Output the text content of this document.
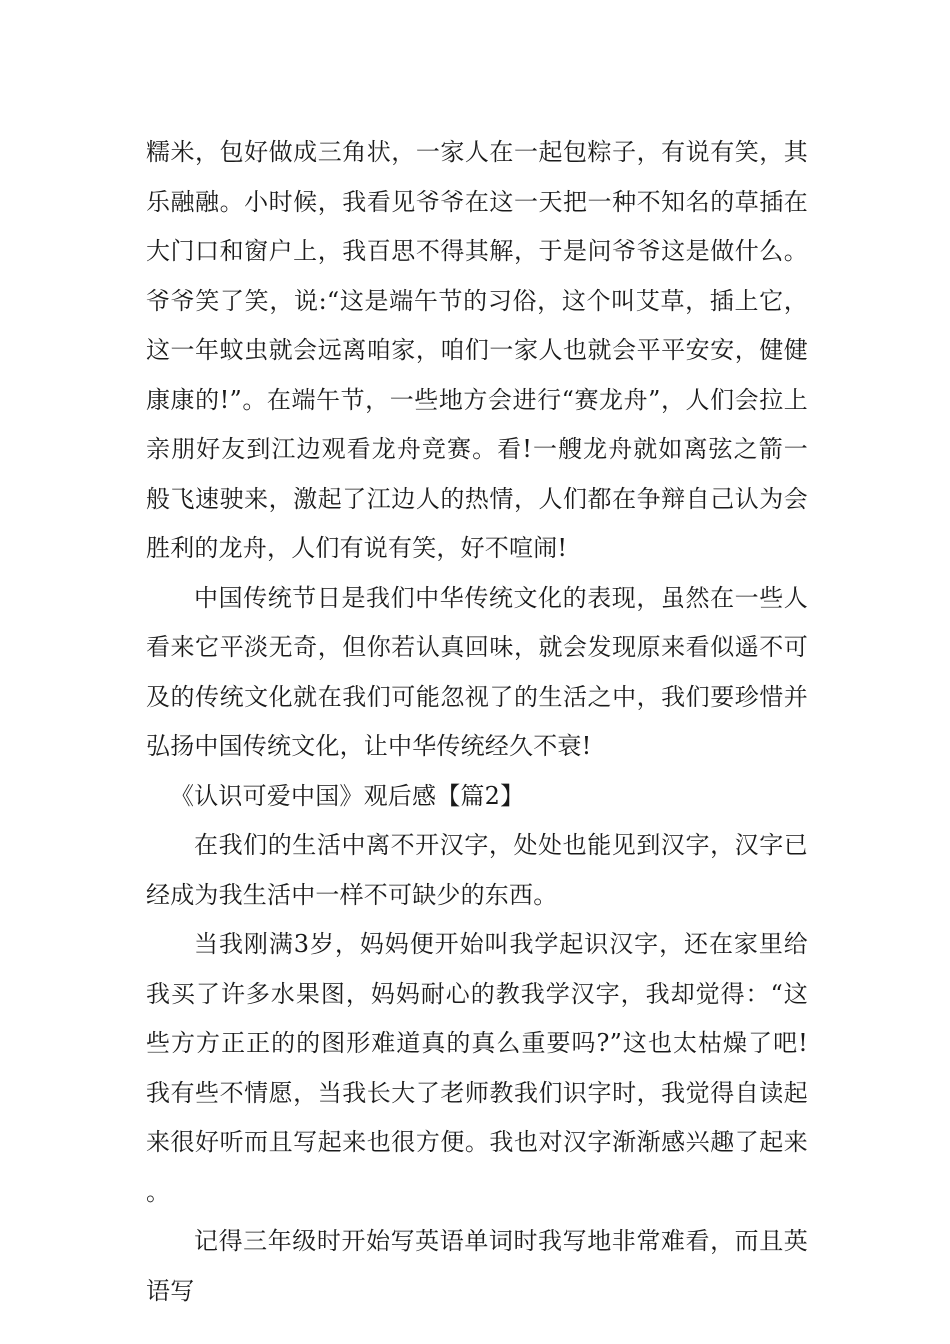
糯米，包好做成三角状，一家人在一起包粽子，有说有笑，其乐融融。小时候，我看见爷爷在这一天把一种不知名的草插在大门口和窗户上，我百思不得其解，于是问爷爷这是做什么。爷爷笑了笑，说:“这是端午节的习俗，这个叫艾草，插上它，这一年蚊虫就会远离咱家，咱们一家人也就会平平安安，健健康康的!”。在端午节，一些地方会进行“赛龙舟”，人们会拉上亲朋好友到江边观看龙舟竞赛。看!一艘龙舟就如离弦之箭一般飞速驶来，激起了江边人的热情，人们都在争辩自己认为会胜利的龙舟，人们有说有笑，好不喧闹!

中国传统节日是我们中华传统文化的表现，虽然在一些人看来它平淡无奇，但你若认真回味，就会发现原来看似遥不可及的传统文化就在我们可能忽视了的生活之中，我们要珍惜并弘扬中国传统文化，让中华传统经久不衰!

《认识可爱中国》观后感【篇2】

在我们的生活中离不开汉字，处处也能见到汉字，汉字已经成为我生活中一样不可缺少的东西。

当我刚满3岁，妈妈便开始叫我学起识汉字，还在家里给我买了许多水果图，妈妈耐心的教我学汉字，我却觉得：“这些方方正正的的图形难道真的真么重要吗?”这也太枯燥了吧!我有些不情愿，当我长大了老师教我们识字时，我觉得自读起来很好听而且写起来也很方便。我也对汉字渐渐感兴趣了起来。

记得三年级时开始写英语单词时我写地非常难看，而且英语写
